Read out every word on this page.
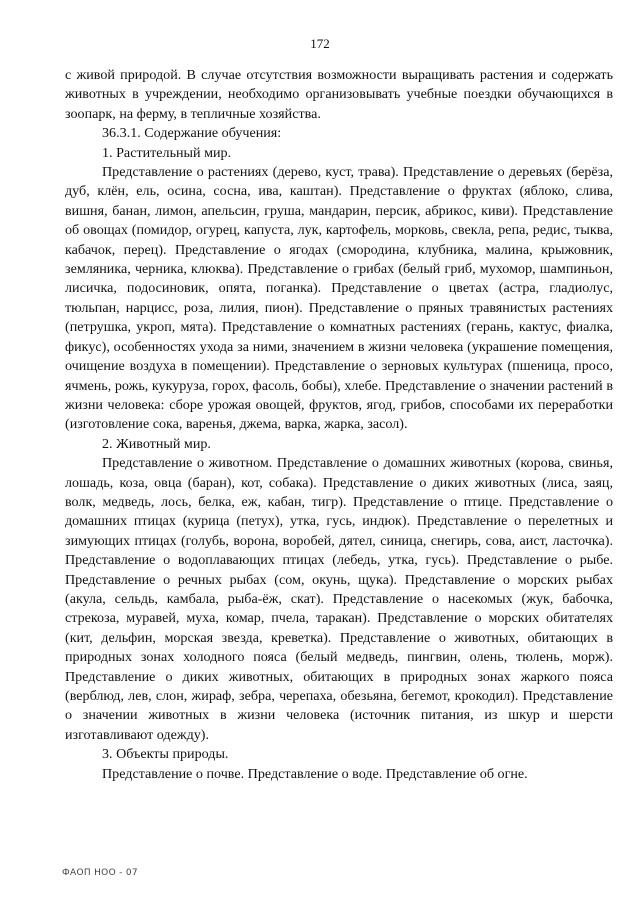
172

с живой природой. В случае отсутствия возможности выращивать растения и содержать животных в учреждении, необходимо организовывать учебные поездки обучающихся в зоопарк, на ферму, в тепличные хозяйства.

36.3.1. Содержание обучения:

1. Растительный мир.

Представление о растениях (дерево, куст, трава). Представление о деревьях (берёза, дуб, клён, ель, осина, сосна, ива, каштан). Представление о фруктах (яблоко, слива, вишня, банан, лимон, апельсин, груша, мандарин, персик, абрикос, киви). Представление об овощах (помидор, огурец, капуста, лук, картофель, морковь, свекла, репа, редис, тыква, кабачок, перец). Представление о ягодах (смородина, клубника, малина, крыжовник, земляника, черника, клюква). Представление о грибах (белый гриб, мухомор, шампиньон, лисичка, подосиновик, опята, поганка). Представление о цветах (астра, гладиолус, тюльпан, нарцисс, роза, лилия, пион). Представление о пряных травянистых растениях (петрушка, укроп, мята). Представление о комнатных растениях (герань, кактус, фиалка, фикус), особенностях ухода за ними, значением в жизни человека (украшение помещения, очищение воздуха в помещении). Представление о зерновых культурах (пшеница, просо, ячмень, рожь, кукуруза, горох, фасоль, бобы), хлебе. Представление о значении растений в жизни человека: сборе урожая овощей, фруктов, ягод, грибов, способами их переработки (изготовление сока, варенья, джема, варка, жарка, засол).

2. Животный мир.

Представление о животном. Представление о домашних животных (корова, свинья, лошадь, коза, овца (баран), кот, собака). Представление о диких животных (лиса, заяц, волк, медведь, лось, белка, еж, кабан, тигр). Представление о птице. Представление о домашних птицах (курица (петух), утка, гусь, индюк). Представление о перелетных и зимующих птицах (голубь, ворона, воробей, дятел, синица, снегирь, сова, аист, ласточка). Представление о водоплавающих птицах (лебедь, утка, гусь). Представление о рыбе. Представление о речных рыбах (сом, окунь, щука). Представление о морских рыбах (акула, сельдь, камбала, рыба-ёж, скат). Представление о насекомых (жук, бабочка, стрекоза, муравей, муха, комар, пчела, таракан). Представление о морских обитателях (кит, дельфин, морская звезда, креветка). Представление о животных, обитающих в природных зонах холодного пояса (белый медведь, пингвин, олень, тюлень, морж). Представление о диких животных, обитающих в природных зонах жаркого пояса (верблюд, лев, слон, жираф, зебра, черепаха, обезьяна, бегемот, крокодил). Представление о значении животных в жизни человека (источник питания, из шкур и шерсти изготавливают одежду).

3. Объекты природы.

Представление о почве. Представление о воде. Представление об огне.

ФАОП НОО - 07
